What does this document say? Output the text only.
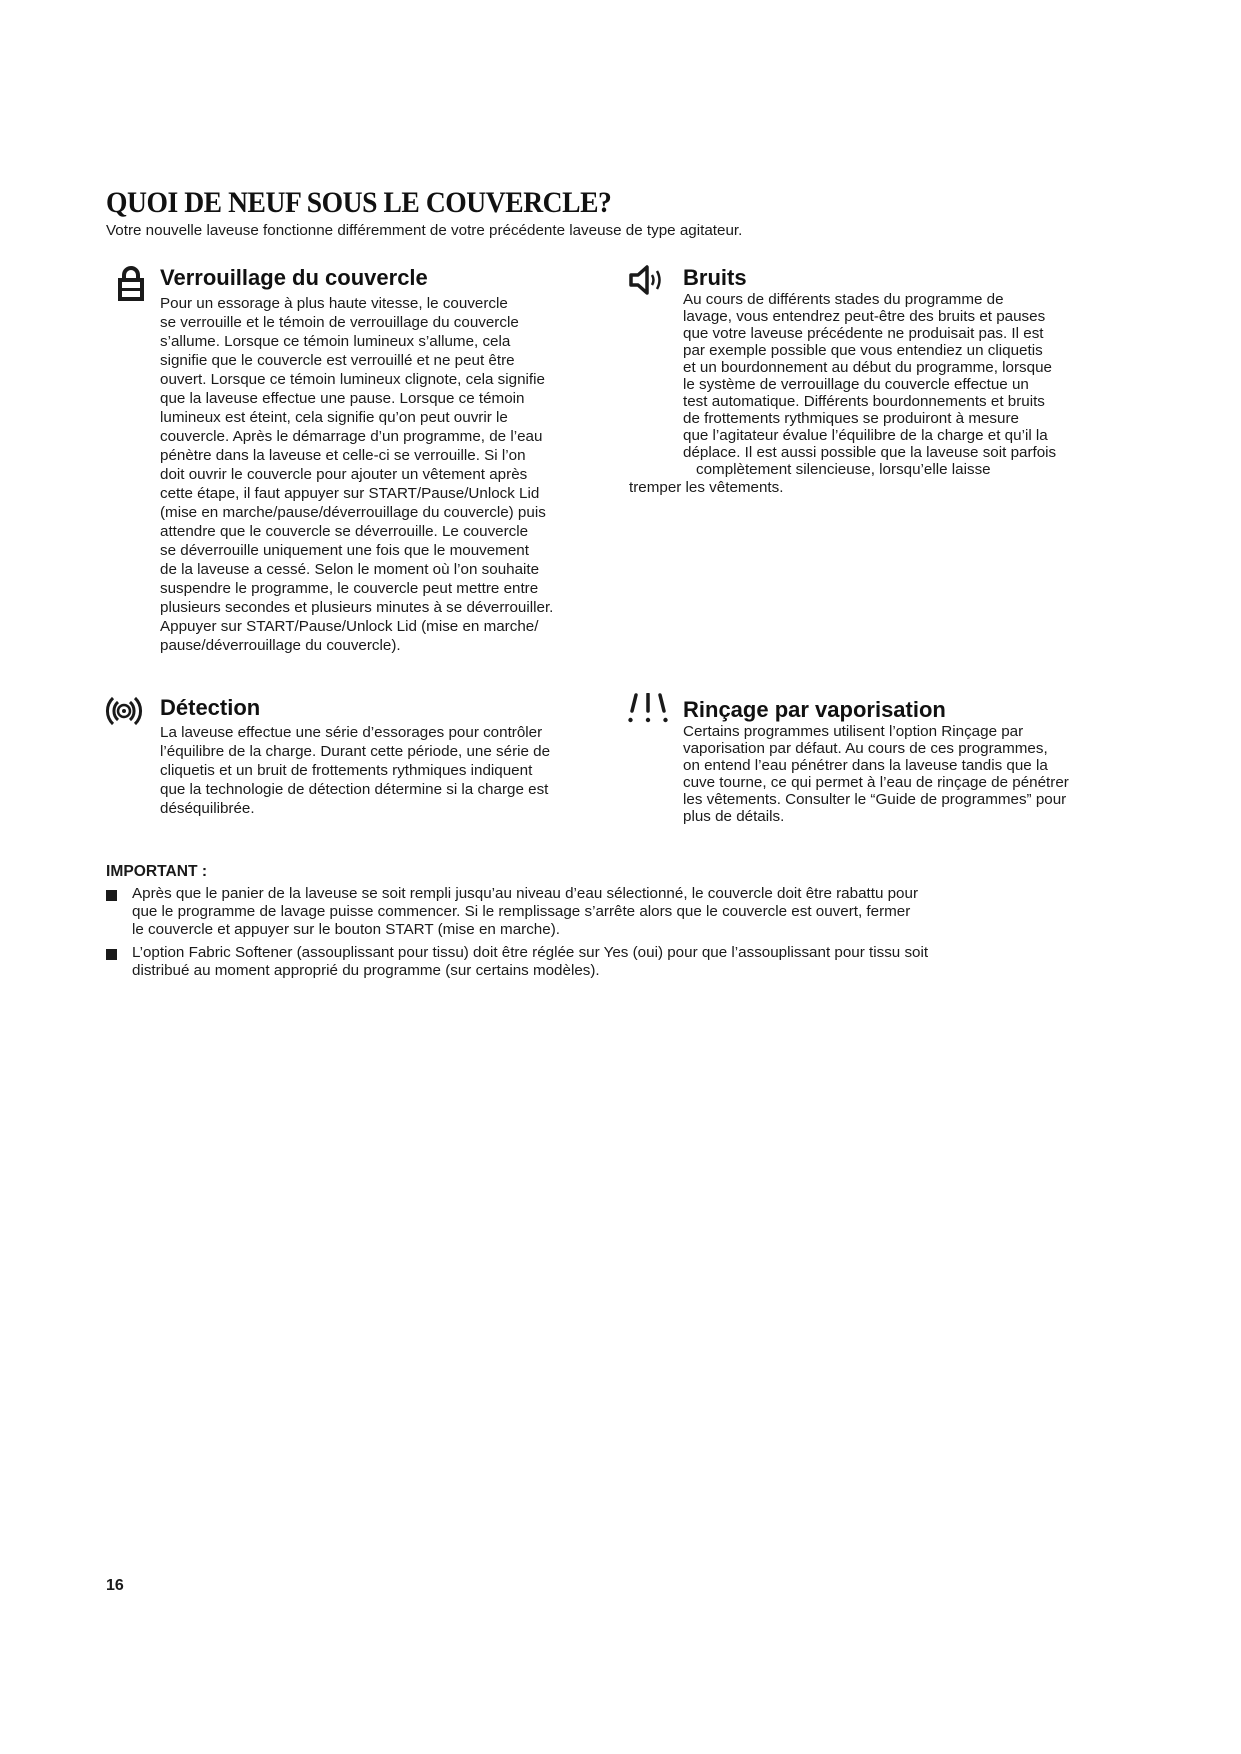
QUOI DE NEUF SOUS LE COUVERCLE?
Votre nouvelle laveuse fonctionne différemment de votre précédente laveuse de type agitateur.
Verrouillage du couvercle
Pour un essorage à plus haute vitesse, le couvercle
se verrouille et le témoin de verrouillage du couvercle
s’allume. Lorsque ce témoin lumineux s’allume, cela
signifie que le couvercle est verrouillé et ne peut être
ouvert. Lorsque ce témoin lumineux clignote, cela signifie
que la laveuse effectue une pause. Lorsque ce témoin
lumineux est éteint, cela signifie qu’on peut ouvrir le
couvercle. Après le démarrage d’un programme, de l’eau
pénètre dans la laveuse et celle-ci se verrouille. Si l’on
doit ouvrir le couvercle pour ajouter un vêtement après
cette étape, il faut appuyer sur START/Pause/Unlock Lid
(mise en marche/pause/déverrouillage du couvercle) puis
attendre que le couvercle se déverrouille. Le couvercle
se déverrouille uniquement une fois que le mouvement
de la laveuse a cessé. Selon le moment où l’on souhaite
suspendre le programme, le couvercle peut mettre entre
plusieurs secondes et plusieurs minutes à se déverrouiller.
Appuyer sur START/Pause/Unlock Lid (mise en marche/
pause/déverrouillage du couvercle).
Bruits
Au cours de différents stades du programme de
lavage, vous entendrez peut-être des bruits et pauses
que votre laveuse précédente ne produisait pas. Il est
par exemple possible que vous entendiez un cliquetis
et un bourdonnement au début du programme, lorsque
le système de verrouillage du couvercle effectue un
test automatique. Différents bourdonnements et bruits
de frottements rythmiques se produiront à mesure
que l’agitateur évalue l’équilibre de la charge et qu’il la
déplace. Il est aussi possible que la laveuse soit parfois
complètement silencieuse, lorsqu’elle laisse
tremper les vêtements.
Détection
La laveuse effectue une série d’essorages pour contrôler
l’équilibre de la charge. Durant cette période, une série de
cliquetis et un bruit de frottements rythmiques indiquent
que la technologie de détection détermine si la charge est
déséquilibrée.
Rinçage par vaporisation
Certains programmes utilisent l’option Rinçage par
vaporisation par défaut. Au cours de ces programmes,
on entend l’eau pénétrer dans la laveuse tandis que la
cuve tourne, ce qui permet à l’eau de rinçage de pénétrer
les vêtements. Consulter le “Guide de programmes” pour
plus de détails.
IMPORTANT :
Après que le panier de la laveuse se soit rempli jusqu’au niveau d’eau sélectionné, le couvercle doit être rabattu pour
que le programme de lavage puisse commencer. Si le remplissage s’arrête alors que le couvercle est ouvert, fermer
le couvercle et appuyer sur le bouton START (mise en marche).
L’option Fabric Softener (assouplissant pour tissu) doit être réglée sur Yes (oui) pour que l’assouplissant pour tissu soit
distribué au moment approprié du programme (sur certains modèles).
16
